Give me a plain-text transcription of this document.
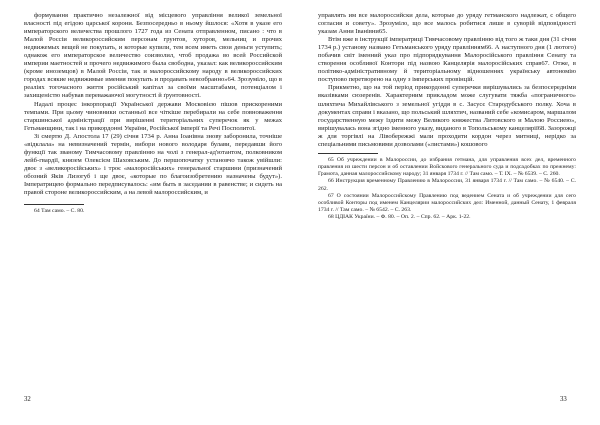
формування практично незалежної від місцевого управління великої земельної власності під егідою царської корони. Безпосередньо в ньому йшлося: «Хотя в указе его императорского величества прошлого 1727 года из Сената отправленном, писано : что в Малой Россіи великороссийским персонам грунтов, хуторов, мельниц и прочих недвижемых вещей не покупать, и которые купили, тем всем иметь свои деньги уступить; однакож его императорское величество соизволил, чтоб продажа во всей Российской империи маетностей и прочего недвижимого была свободна, указал: как великороссийским (кроме иноземцов) в Малой Россіи, так и малороссийскому народу в великороссийских городах всякие недвижимые имения покупать и продавать невозбранно»64. Зрозуміло, що в реаліях тогочасного життя російський капітал за своїми масштабами, потенціалом і захищеністю набував переважаючої могутності й ґрунтовності.

Надалі процес інкорпорації Української держави Московією пішов прискореними темпами. При цьому чиновники останньої все чіткіше перебирали на себе повноваження старшинської адміністрації при вирішенні територіальних суперечок як у межах Гетьманщини, так і на прикордонні України, Російської імперії та Речі Посполитої.

Зі смертю Д. Апостола 17 (29) січня 1734 р. Анна Іоанівна знову заборонила, точніше «відклала» на невизначений термін, вибори нового володаря булави, передавши його функції так званому Тимчасовому правлінню на чолі з генерал-ад'ютантом, полковником лейб-гвардії, князем Олексієм Шаховським. До першопочатку установчо також увійшли: двоє з «великоросійських» і троє «малоросійських» генеральної старшини (призначений обозний Яків Лизогуб і ще двоє, «которые по благоизобретению назначены будут»). Імператрицею формально передписувалось: «им быть в заседании в равенстве; и сидеть на правой стороне великороссийским, а на левой малороссийским, и

64 Там само. – С. 80.

32

управлять им все малороссийски дела, которые до уряду гетманского надлежат, с общего согласия и совету». Зрозуміло, що все малось робитися лише в суворій відповідності указам Анни Іванівни65.

Втім вже в інструкції імператриці Тимчасовому правлінню від того ж таки дня (31 січня 1734 р.) установу названо Гетьманського уряду правлінням66. А наступного дня (1 лютого) побачив світ іменний указ про підпорядкування Малоросійського правління Сенату та створення особливої Контори під назвою Канцелярія малоросійських справ67. Отже, в політико-адміністративному й територіальному відношеннях українську автономію поступово перетворено на одну з імперських провінцій.

Прикметно, що на той період прикордонні суперечки вирішувались за безпосередніми вказівками сюзеренів. Характерним прикладом може слугувати тяжба «пограничного» шляхтича Михайлівського з земельної угіддя в с. Засусє Стародубського полку. Хоча в документах справи і вказано, що польський шляхтич, названий себе «комисаром, маршалом государственную межу їздити межу Великого княжества Литовского и Малою Россиею», вирішувалась вона згідно іменного указу, виданого в Топольському канцелярії68. Зазорожці ж для торгівлі на Лівобережжі мали проходити кордон через митниці, нерідко за спеціальними письмовими дозволами («листами») кошового

65 Об учреждении в Малороссии, до избрания гетмана, для управления всех дел, временного правления из шести персон и об оставлении Войскового генерального суда и подсадобках по прежнему: Грамота, данная малороссийскому народу; 31 января 1734 г. // Там само. – Т. IX. – № 6539. – С. 260.

66 Инструкция временному Правлению в Малороссии, 31 января 1734 г. // Там само. – № 6540. – С. 262.

67 О состоянии Малороссийскому Правлению под ведением Сената и об учреждении для сего особливой Конторы под именем Канцелярии малороссийских дел: Именной, данный Сенату, 1 февраля 1734 г. // Там само. – № 6542. – С. 263.

68 ЦДІАК України. – Ф. 80. – Оп. 2. – Спр. 62. – Арк. 1-22.

33
